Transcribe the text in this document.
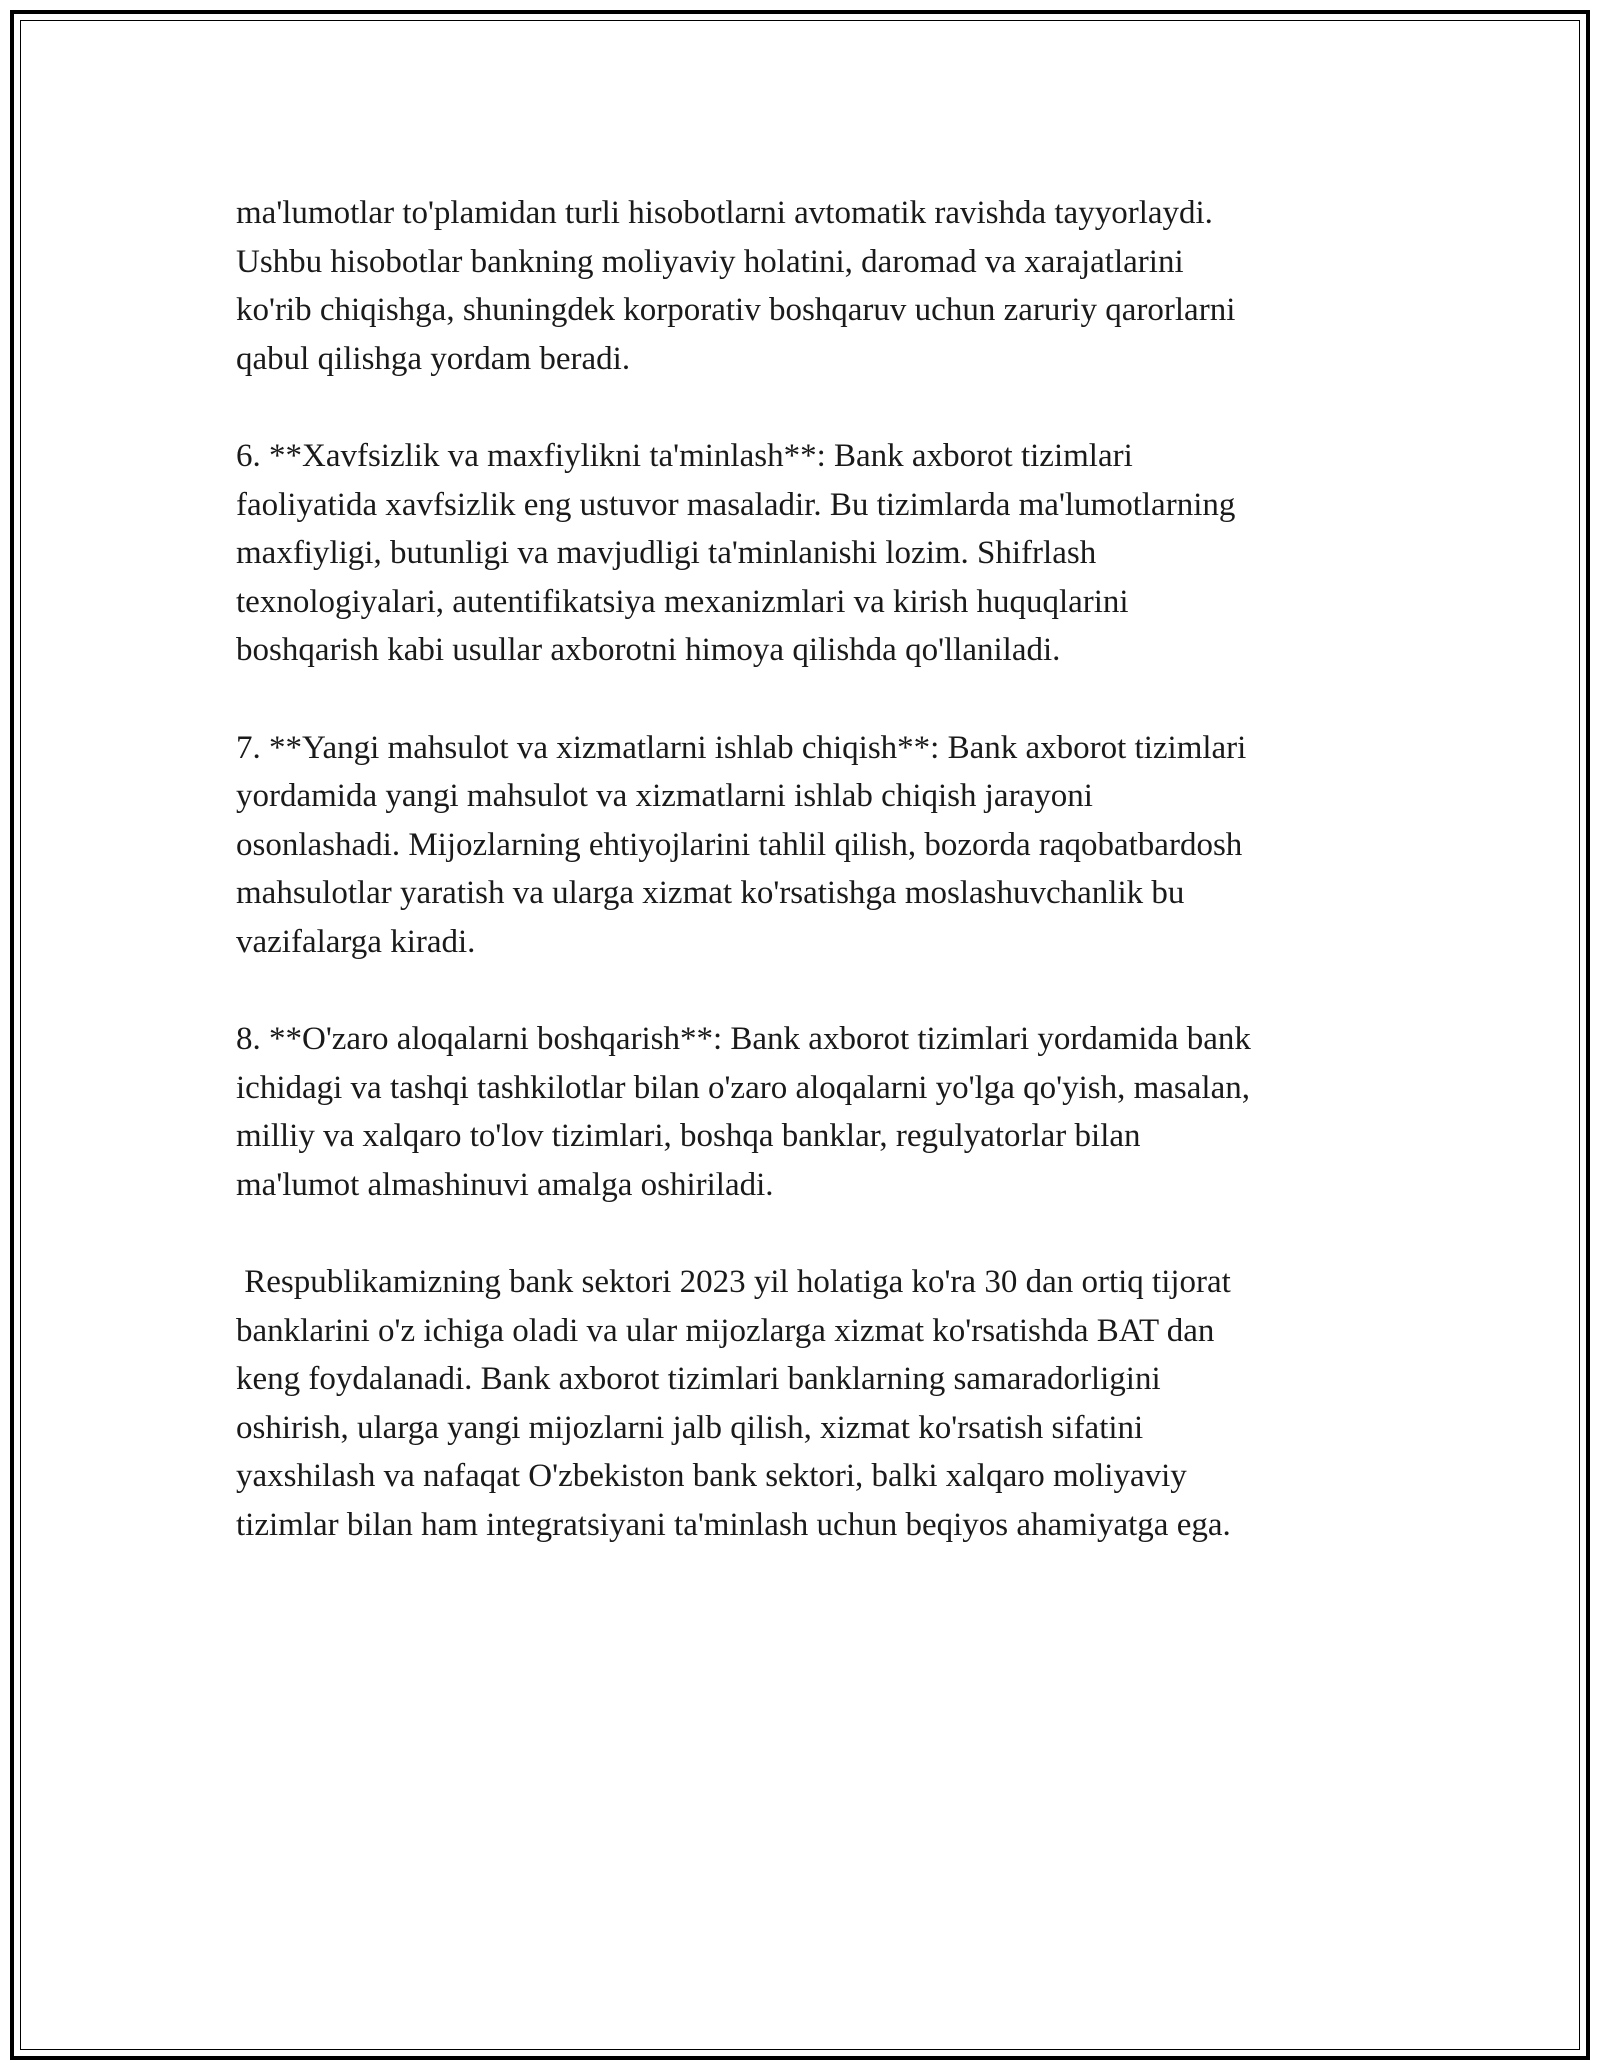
ma'lumotlar to'plamidan turli hisobotlarni avtomatik ravishda tayyorlaydi.
Ushbu hisobotlar bankning moliyaviy holatini, daromad va xarajatlarini
ko'rib chiqishga, shuningdek korporativ boshqaruv uchun zaruriy qarorlarni
qabul qilishga yordam beradi.

6. **Xavfsizlik va maxfiylikni ta'minlash**: Bank axborot tizimlari
faoliyatida xavfsizlik eng ustuvor masaladir. Bu tizimlarda ma'lumotlarning
maxfiyligi, butunligi va mavjudligi ta'minlanishi lozim. Shifrlash
texnologiyalari, autentifikatsiya mexanizmlari va kirish huquqlarini
boshqarish kabi usullar axborotni himoya qilishda qo'llaniladi.

7. **Yangi mahsulot va xizmatlarni ishlab chiqish**: Bank axborot tizimlari
yordamida yangi mahsulot va xizmatlarni ishlab chiqish jarayoni
osonlashadi. Mijozlarning ehtiyojlarini tahlil qilish, bozorda raqobatbardosh
mahsulotlar yaratish va ularga xizmat ko'rsatishga moslashuvchanlik bu
vazifalarga kiradi.

8. **O'zaro aloqalarni boshqarish**: Bank axborot tizimlari yordamida bank
ichidagi va tashqi tashkilotlar bilan o'zaro aloqalarni yo'lga qo'yish, masalan,
milliy va xalqaro to'lov tizimlari, boshqa banklar, regulyatorlar bilan
ma'lumot almashinuvi amalga oshiriladi.

Respublikamizning bank sektori 2023 yil holatiga ko'ra 30 dan ortiq tijorat
banklarini o'z ichiga oladi va ular mijozlarga xizmat ko'rsatishda BAT dan
keng foydalanadi. Bank axborot tizimlari banklarning samaradorligini
oshirish, ularga yangi mijozlarni jalb qilish, xizmat ko'rsatish sifatini
yaxshilash va nafaqat O'zbekiston bank sektori, balki xalqaro moliyaviy
tizimlar bilan ham integratsiyani ta'minlash uchun beqiyos ahamiyatga ega.
